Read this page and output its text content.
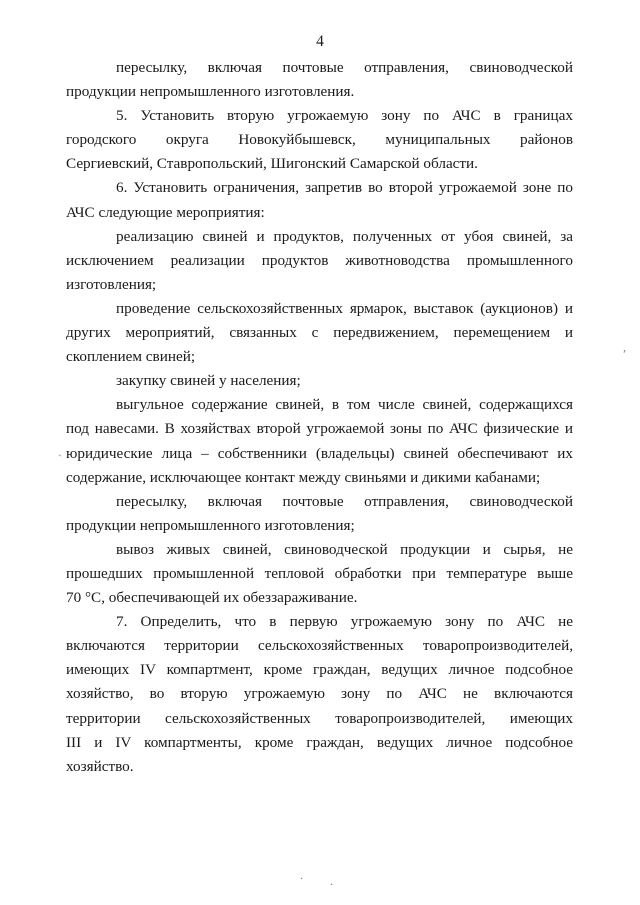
4
пересылку, включая почтовые отправления, свиноводческой
продукции непромышленного изготовления.
5. Установить вторую угрожаемую зону по АЧС в границах
городского округа Новокуйбышевск, муниципальных районов
Сергиевский, Ставропольский, Шигонский Самарской области.
6. Установить ограничения, запретив во второй угрожаемой зоне по
АЧС следующие мероприятия:
реализацию свиней и продуктов, полученных от убоя свиней, за
исключением реализации продуктов животноводства промышленного
изготовления;
проведение сельскохозяйственных ярмарок, выставок (аукционов) и
других мероприятий, связанных с передвижением, перемещением и
скоплением свиней;
закупку свиней у населения;
выгульное содержание свиней, в том числе свиней, содержащихся
под навесами. В хозяйствах второй угрожаемой зоны по АЧС физические и
юридические лица – собственники (владельцы) свиней обеспечивают их
содержание, исключающее контакт между свиньями и дикими кабанами;
пересылку, включая почтовые отправления, свиноводческой
продукции непромышленного изготовления;
вывоз живых свиней, свиноводческой продукции и сырья, не
прошедших промышленной тепловой обработки при температуре выше
70 °С, обеспечивающей их обеззараживание.
7. Определить, что в первую угрожаемую зону по АЧС не
включаются территории сельскохозяйственных товаропроизводителей,
имеющих IV компартмент, кроме граждан, ведущих личное подсобное
хозяйство, во вторую угрожаемую зону по АЧС не включаются
территории сельскохозяйственных товаропроизводителей, имеющих
III и IV компартменты, кроме граждан, ведущих личное подсобное
хозяйство.
`
,
. .
